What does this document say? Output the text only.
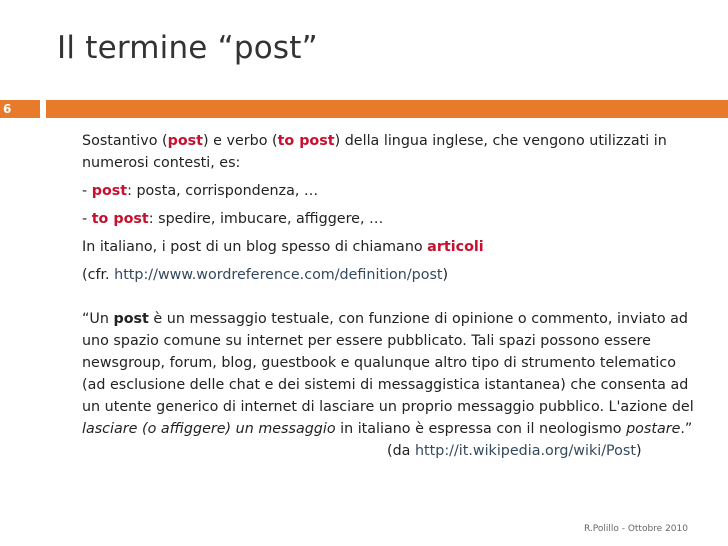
Il termine “post”
6

Sostantivo (post) e verbo (to post) della lingua inglese, che vengono utilizzati in numerosi contesti, es:

- post: posta, corrispondenza, …

- to post: spedire, imbucare, affiggere, …

In italiano, i post di un blog spesso di chiamano articoli

(cfr. http://www.wordreference.com/definition/post)

“Un post è un messaggio testuale, con funzione di opinione o commento, inviato ad uno spazio comune su internet per essere pubblicato. Tali spazi possono essere newsgroup, forum, blog, guestbook e qualunque altro tipo di strumento telematico (ad esclusione delle chat e dei sistemi di messaggistica istantanea) che consenta ad un utente generico di internet di lasciare un proprio messaggio pubblico. L'azione del lasciare (o affiggere) un messaggio in italiano è espressa con il neologismo postare.”

(da http://it.wikipedia.org/wiki/Post)

R.Polillo - Ottobre 2010
